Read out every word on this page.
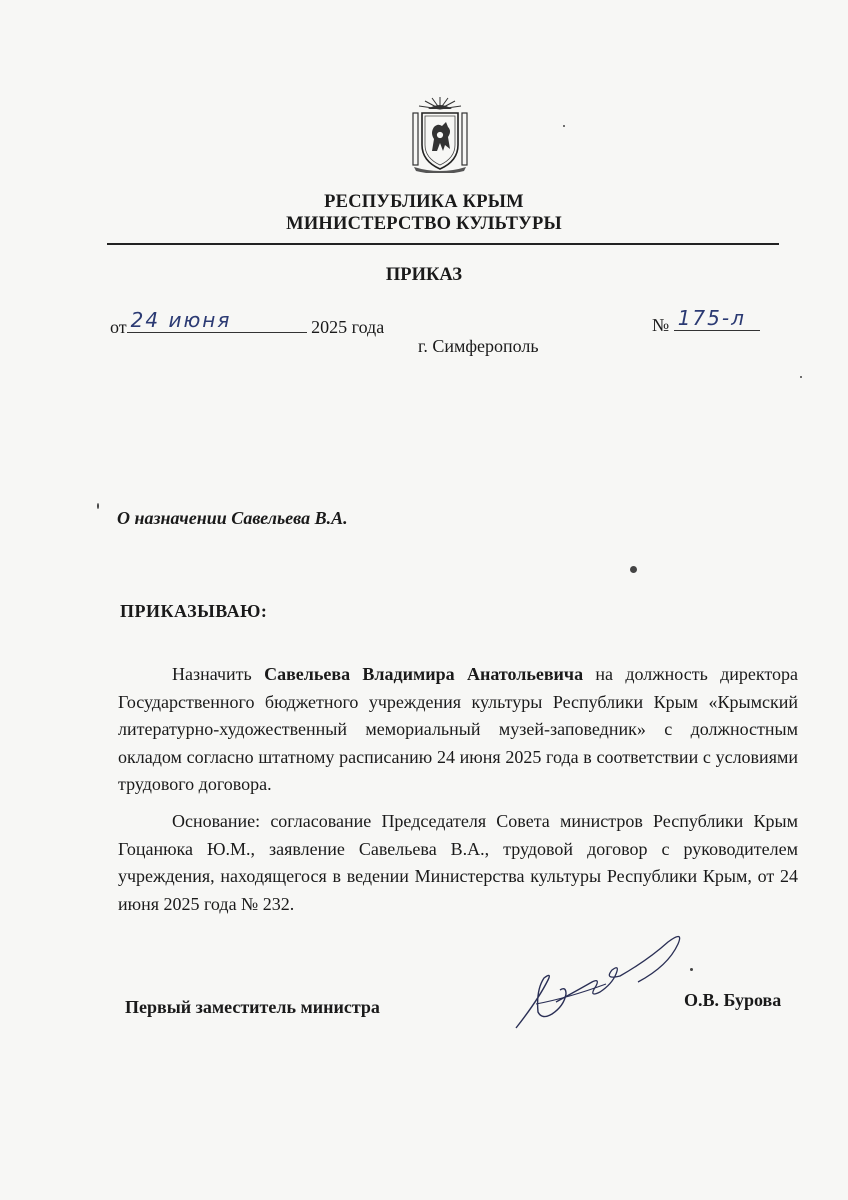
РЕСПУБЛИКА КРЫМ
МИНИСТЕРСТВО КУЛЬТУРЫ
ПРИКАЗ
от 24 июня	2025 года	№ 175-л
г. Симферополь
О назначении Савельева В.А.
ПРИКАЗЫВАЮ:
Назначить Савельева Владимира Анатольевича на должность директора Государственного бюджетного учреждения культуры Республики Крым «Крымский литературно-художественный мемориальный музей-заповедник» с должностным окладом согласно штатному расписанию 24 июня 2025 года в соответствии с условиями трудового договора.
Основание: согласование Председателя Совета министров Республики Крым Гоцанюка Ю.М., заявление Савельева В.А., трудовой договор с руководителем учреждения, находящегося в ведении Министерства культуры Республики Крым, от 24 июня 2025 года № 232.
Первый заместитель министра	О.В. Бурова
